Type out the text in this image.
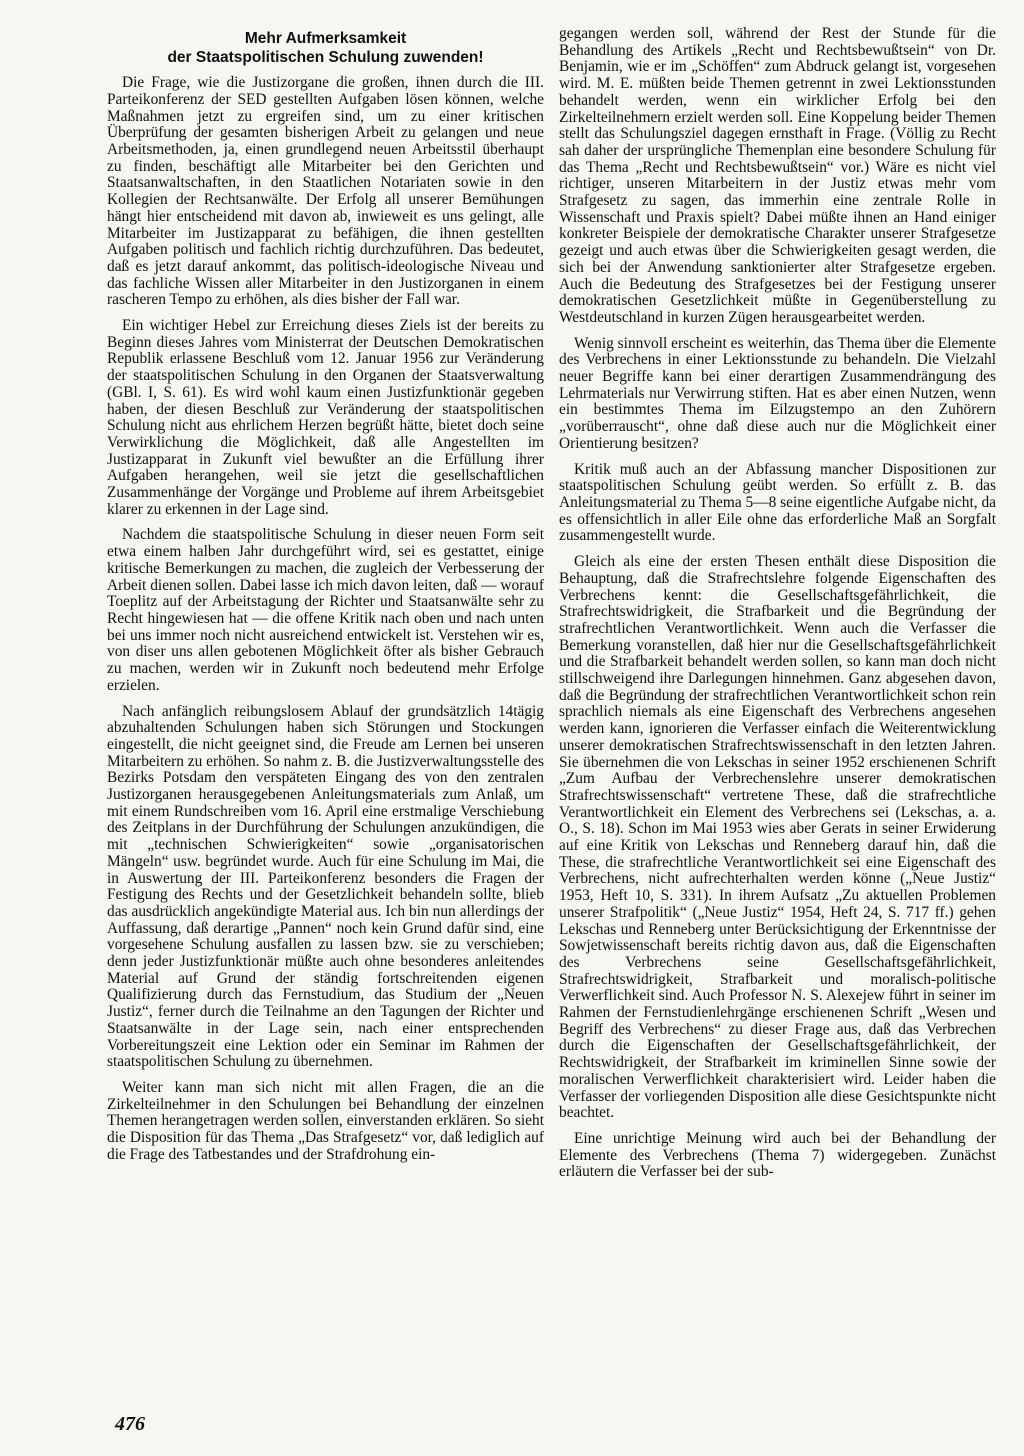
Mehr Aufmerksamkeit
der Staatspolitischen Schulung zuwenden!

Die Frage, wie die Justizorgane die großen, ihnen durch die III. Parteikonferenz der SED gestellten Aufgaben lösen können, welche Maßnahmen jetzt zu ergreifen sind, um zu einer kritischen Überprüfung der gesamten bisherigen Arbeit zu gelangen und neue Arbeitsmethoden, ja, einen grundlegend neuen Arbeitsstil überhaupt zu finden, beschäftigt alle Mitarbeiter bei den Gerichten und Staatsanwaltschaften, in den Staatlichen Notariaten sowie in den Kollegien der Rechtsanwälte. Der Erfolg all unserer Bemühungen hängt hier entscheidend mit davon ab, inwieweit es uns gelingt, alle Mitarbeiter im Justizapparat zu befähigen, die ihnen gestellten Aufgaben politisch und fachlich richtig durchzuführen. Das bedeutet, daß es jetzt darauf ankommt, das politisch-ideologische Niveau und das fachliche Wissen aller Mitarbeiter in den Justizorganen in einem rascheren Tempo zu erhöhen, als dies bisher der Fall war.

Ein wichtiger Hebel zur Erreichung dieses Ziels ist der bereits zu Beginn dieses Jahres vom Ministerrat der Deutschen Demokratischen Republik erlassene Beschluß vom 12. Januar 1956 zur Veränderung der staatspolitischen Schulung in den Organen der Staatsverwaltung (GBl. I, S. 61). Es wird wohl kaum einen Justizfunktionär gegeben haben, der diesen Beschluß zur Veränderung der staatspolitischen Schulung nicht aus ehrlichem Herzen begrüßt hätte, bietet doch seine Verwirklichung die Möglichkeit, daß alle Angestellten im Justizapparat in Zukunft viel bewußter an die Erfüllung ihrer Aufgaben herangehen, weil sie jetzt die gesellschaftlichen Zusammenhänge der Vorgänge und Probleme auf ihrem Arbeitsgebiet klarer zu erkennen in der Lage sind.

Nachdem die staatspolitische Schulung in dieser neuen Form seit etwa einem halben Jahr durchgeführt wird, sei es gestattet, einige kritische Bemerkungen zu machen, die zugleich der Verbesserung der Arbeit dienen sollen. Dabei lasse ich mich davon leiten, daß — worauf Toeplitz auf der Arbeitstagung der Richter und Staatsanwälte sehr zu Recht hingewiesen hat — die offene Kritik nach oben und nach unten bei uns immer noch nicht ausreichend entwickelt ist. Verstehen wir es, von diser uns allen gebotenen Möglichkeit öfter als bisher Gebrauch zu machen, werden wir in Zukunft noch bedeutend mehr Erfolge erzielen.

Nach anfänglich reibungslosem Ablauf der grundsätzlich 14tägig abzuhaltenden Schulungen haben sich Störungen und Stockungen eingestellt, die nicht geeignet sind, die Freude am Lernen bei unseren Mitarbeitern zu erhöhen. So nahm z. B. die Justizverwaltungsstelle des Bezirks Potsdam den verspäteten Eingang des von den zentralen Justizorganen herausgegebenen Anleitungsmaterials zum Anlaß, um mit einem Rundschreiben vom 16. April eine erstmalige Verschiebung des Zeitplans in der Durchführung der Schulungen anzukündigen, die mit „technischen Schwierigkeiten“ sowie „organisatorischen Mängeln“ usw. begründet wurde. Auch für eine Schulung im Mai, die in Auswertung der III. Parteikonferenz besonders die Fragen der Festigung des Rechts und der Gesetzlichkeit behandeln sollte, blieb das ausdrücklich angekündigte Material aus. Ich bin nun allerdings der Auffassung, daß derartige „Pannen“ noch kein Grund dafür sind, eine vorgesehene Schulung ausfallen zu lassen bzw. sie zu verschieben; denn jeder Justizfunktionär müßte auch ohne besonderes anleitendes Material auf Grund der ständig fortschreitenden eigenen Qualifizierung durch das Fernstudium, das Studium der „Neuen Justiz“, ferner durch die Teilnahme an den Tagungen der Richter und Staatsanwälte in der Lage sein, nach einer entsprechenden Vorbereitungszeit eine Lektion oder ein Seminar im Rahmen der staatspolitischen Schulung zu übernehmen.

Weiter kann man sich nicht mit allen Fragen, die an die Zirkelteilnehmer in den Schulungen bei Behandlung der einzelnen Themen herangetragen werden sollen, einverstanden erklären. So sieht die Disposition für das Thema „Das Strafgesetz“ vor, daß lediglich auf die Frage des Tatbestandes und der Strafdrohung ein-

gegangen werden soll, während der Rest der Stunde für die Behandlung des Artikels „Recht und Rechtsbewußtsein“ von Dr. Benjamin, wie er im „Schöffen“ zum Abdruck gelangt ist, vorgesehen wird. M. E. müßten beide Themen getrennt in zwei Lektionsstunden behandelt werden, wenn ein wirklicher Erfolg bei den Zirkelteilnehmern erzielt werden soll. Eine Koppelung beider Themen stellt das Schulungsziel dagegen ernsthaft in Frage. (Völlig zu Recht sah daher der ursprüngliche Themenplan eine besondere Schulung für das Thema „Recht und Rechtsbewußtsein“ vor.) Wäre es nicht viel richtiger, unseren Mitarbeitern in der Justiz etwas mehr vom Strafgesetz zu sagen, das immerhin eine zentrale Rolle in Wissenschaft und Praxis spielt? Dabei müßte ihnen an Hand einiger konkreter Beispiele der demokratische Charakter unserer Strafgesetze gezeigt und auch etwas über die Schwierigkeiten gesagt werden, die sich bei der Anwendung sanktionierter alter Strafgesetze ergeben. Auch die Bedeutung des Strafgesetzes bei der Festigung unserer demokratischen Gesetzlichkeit müßte in Gegenüberstellung zu Westdeutschland in kurzen Zügen herausgearbeitet werden.

Wenig sinnvoll erscheint es weiterhin, das Thema über die Elemente des Verbrechens in einer Lektionsstunde zu behandeln. Die Vielzahl neuer Begriffe kann bei einer derartigen Zusammendrängung des Lehrmaterials nur Verwirrung stiften. Hat es aber einen Nutzen, wenn ein bestimmtes Thema im Eilzugstempo an den Zuhörern „vorüberrauscht“, ohne daß diese auch nur die Möglichkeit einer Orientierung besitzen?

Kritik muß auch an der Abfassung mancher Dispositionen zur staatspolitischen Schulung geübt werden. So erfüllt z. B. das Anleitungsmaterial zu Thema 5—8 seine eigentliche Aufgabe nicht, da es offensichtlich in aller Eile ohne das erforderliche Maß an Sorgfalt zusammengestellt wurde.

Gleich als eine der ersten Thesen enthält diese Disposition die Behauptung, daß die Strafrechtslehre folgende Eigenschaften des Verbrechens kennt: die Gesellschaftsgefährlichkeit, die Strafrechtswidrigkeit, die Strafbarkeit und die Begründung der strafrechtlichen Verantwortlichkeit. Wenn auch die Verfasser die Bemerkung voranstellen, daß hier nur die Gesellschaftsgefährlichkeit und die Strafbarkeit behandelt werden sollen, so kann man doch nicht stillschweigend ihre Darlegungen hinnehmen. Ganz abgesehen davon, daß die Begründung der strafrechtlichen Verantwortlichkeit schon rein sprachlich niemals als eine Eigenschaft des Verbrechens angesehen werden kann, ignorieren die Verfasser einfach die Weiterentwicklung unserer demokratischen Strafrechtswissenschaft in den letzten Jahren. Sie übernehmen die von Lekschas in seiner 1952 erschienenen Schrift „Zum Aufbau der Verbrechenslehre unserer demokratischen Strafrechtswissenschaft“ vertretene These, daß die strafrechtliche Verantwortlichkeit ein Element des Verbrechens sei (Lekschas, a. a. O., S. 18). Schon im Mai 1953 wies aber Gerats in seiner Erwiderung auf eine Kritik von Lekschas und Renneberg darauf hin, daß die These, die strafrechtliche Verantwortlichkeit sei eine Eigenschaft des Verbrechens, nicht aufrechterhalten werden könne („Neue Justiz“ 1953, Heft 10, S. 331). In ihrem Aufsatz „Zu aktuellen Problemen unserer Strafpolitik“ („Neue Justiz“ 1954, Heft 24, S. 717 ff.) gehen Lekschas und Renneberg unter Berücksichtigung der Erkenntnisse der Sowjetwissenschaft bereits richtig davon aus, daß die Eigenschaften des Verbrechens seine Gesellschaftsgefährlichkeit, Strafrechtswidrigkeit, Strafbarkeit und moralisch-politische Verwerflichkeit sind. Auch Professor N. S. Alexejew führt in seiner im Rahmen der Fernstudienlehrgänge erschienenen Schrift „Wesen und Begriff des Verbrechens“ zu dieser Frage aus, daß das Verbrechen durch die Eigenschaften der Gesellschaftsgefährlichkeit, der Rechtswidrigkeit, der Strafbarkeit im kriminellen Sinne sowie der moralischen Verwerflichkeit charakterisiert wird. Leider haben die Verfasser der vorliegenden Disposition alle diese Gesichtspunkte nicht beachtet.

Eine unrichtige Meinung wird auch bei der Behandlung der Elemente des Verbrechens (Thema 7) widergegeben. Zunächst erläutern die Verfasser bei der sub-

476
